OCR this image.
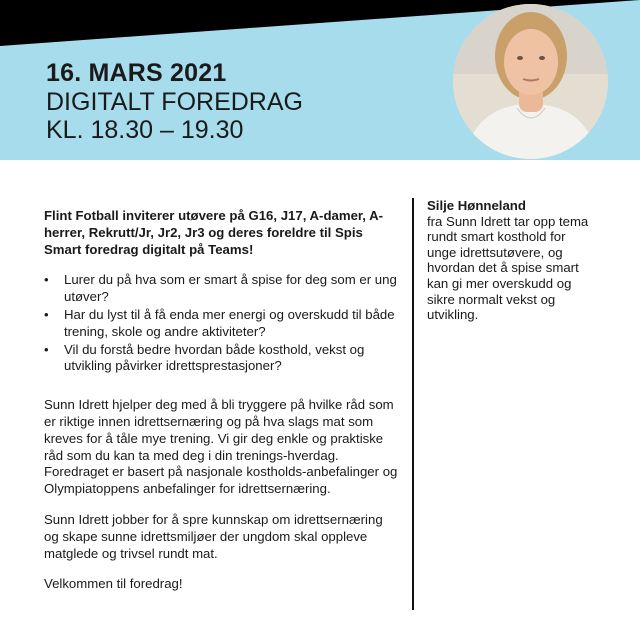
16. MARS 2021
DIGITALT FOREDRAG
KL. 18.30 – 19.30

Flint Fotball inviterer utøvere på G16, J17, A-damer, A-herrer, Rekrutt/Jr, Jr2, Jr3 og deres foreldre til Spis Smart foredrag digitalt på Teams!

• Lurer du på hva som er smart å spise for deg som er ung utøver?
• Har du lyst til å få enda mer energi og overskudd til både trening, skole og andre aktiviteter?
• Vil du forstå bedre hvordan både kosthold, vekst og utvikling påvirker idrettsprestasjoner?

Sunn Idrett hjelper deg med å bli tryggere på hvilke råd som er riktige innen idrettsernæring og på hva slags mat som kreves for å tåle mye trening. Vi gir deg enkle og praktiske råd som du kan ta med deg i din trenings-hverdag. Foredraget er basert på nasjonale kostholds-anbefalinger og Olympiatoppens anbefalinger for idrettsernæring.

Sunn Idrett jobber for å spre kunnskap om idrettsernæring og skape sunne idrettsmiljøer der ungdom skal oppleve matglede og trivsel rundt mat.

Velkommen til foredrag!

Silje Hønneland
fra Sunn Idrett tar opp tema rundt smart kosthold for unge idrettsutøvere, og hvordan det å spise smart kan gi mer overskudd og sikre normalt vekst og utvikling.
